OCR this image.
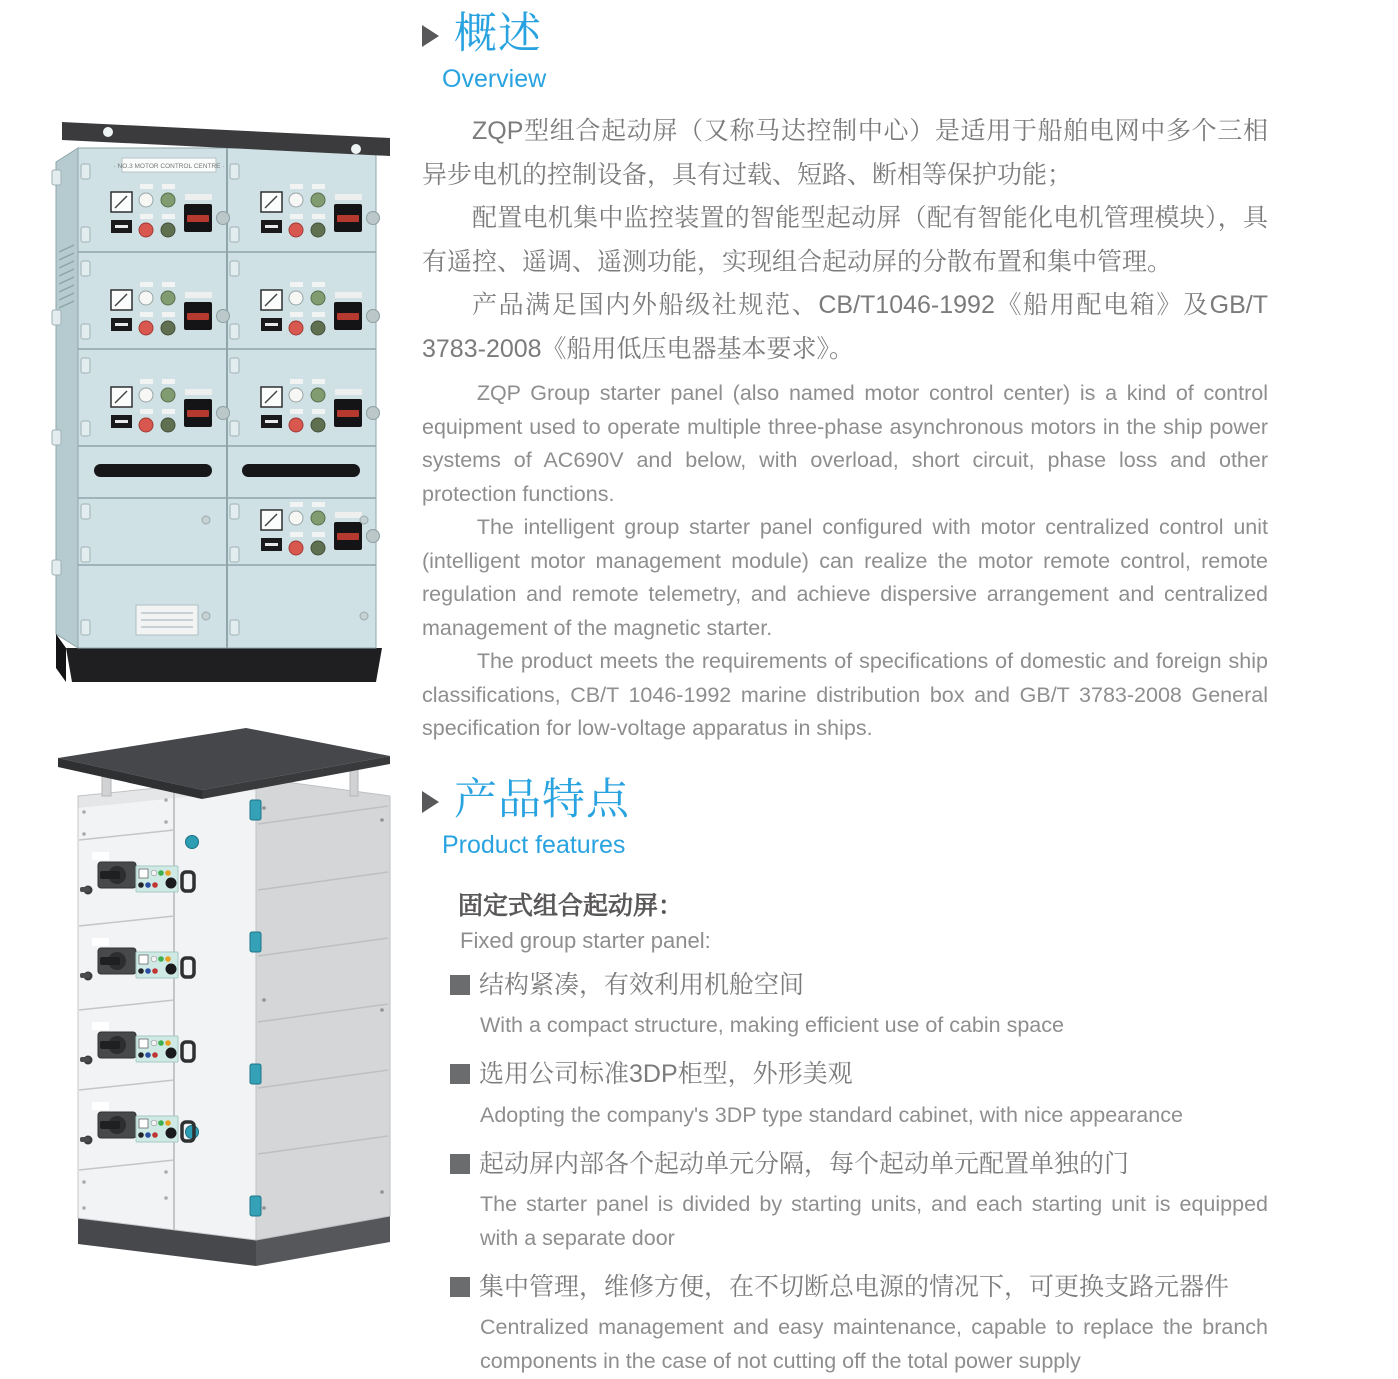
· NO.3 MOTOR CONTROL CENTRE ·
概述
Overview

ZQP型组合起动屏（又称马达控制中心）是适用于船舶电网中多个三相异步电机的控制设备，具有过载、短路、断相等保护功能；

配置电机集中监控装置的智能型起动屏（配有智能化电机管理模块），具有遥控、遥调、遥测功能，实现组合起动屏的分散布置和集中管理。

产品满足国内外船级社规范、CB/T1046-1992《船用配电箱》及GB/T 3783-2008《船用低压电器基本要求》。

ZQP Group starter panel (also named motor control center) is a kind of control equipment used to operate multiple three-phase asynchronous motors in the ship power systems of AC690V and below, with overload, short circuit, phase loss and other protection functions.

The intelligent group starter panel configured with motor centralized control unit (intelligent motor management module) can realize the motor remote control, remote regulation and remote telemetry, and achieve dispersive arrangement and centralized management of the magnetic starter.

The product meets the requirements of specifications of domestic and foreign ship classifications, CB/T 1046-1992 marine distribution box and GB/T 3783-2008 General specification for low-voltage apparatus in ships.

产品特点
Product features
固定式组合起动屏：
Fixed group starter panel:
结构紧凑，有效利用机舱空间
With a compact structure, making efficient use of cabin space
选用公司标准3DP柜型，外形美观
Adopting the company's 3DP type standard cabinet, with nice appearance
起动屏内部各个起动单元分隔，每个起动单元配置单独的门
The starter panel is divided by starting units, and each starting unit is equipped with a separate door
集中管理，维修方便，在不切断总电源的情况下，可更换支路元器件
Centralized management and easy maintenance, capable to replace the branch components in the case of not cutting off the total power supply
